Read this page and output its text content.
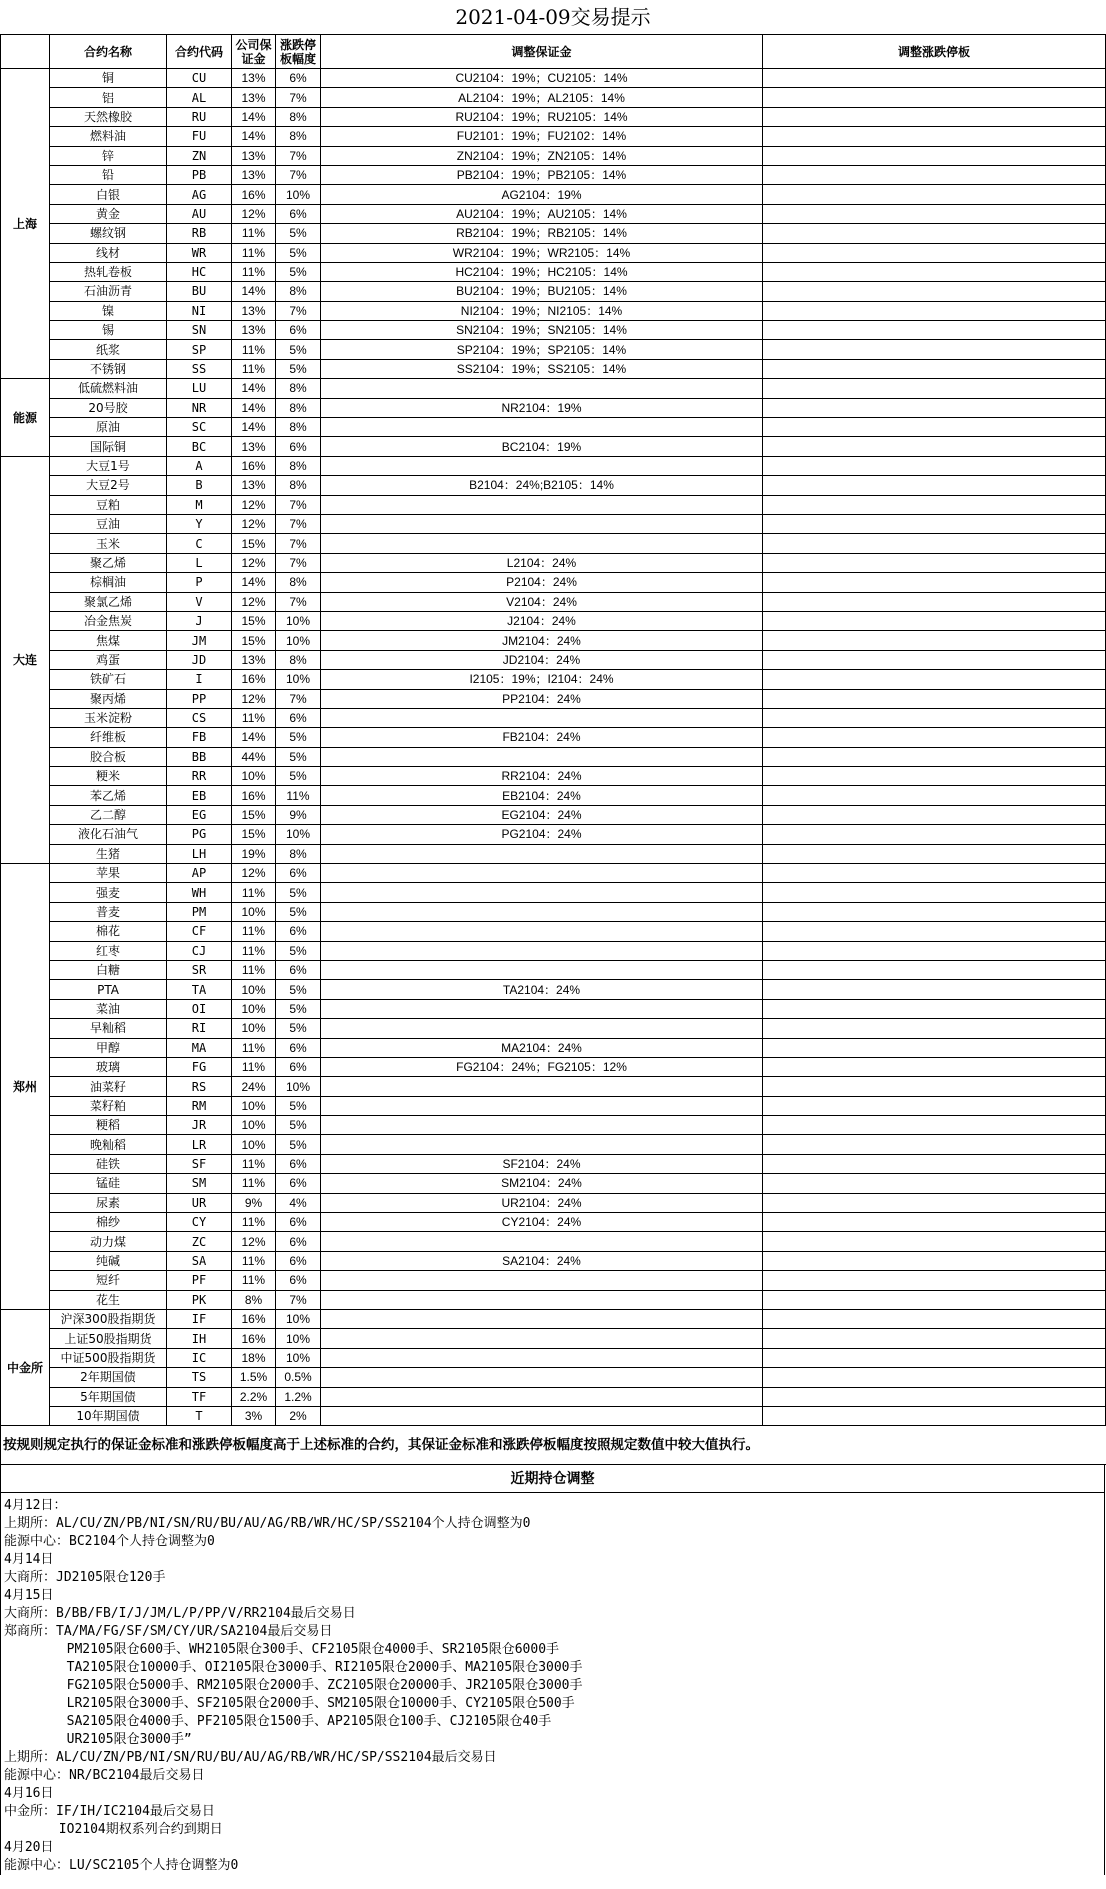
2021-04-09交易提示
	合约名称	合约代码	公司保证金	涨跌停板幅度	调整保证金	调整涨跌停板
上海	铜	CU	13%	6%	CU2104：19%；CU2105：14%	
	铝	AL	13%	7%	AL2104：19%；AL2105：14%	
	天然橡胶	RU	14%	8%	RU2104：19%；RU2105：14%	
	燃料油	FU	14%	8%	FU2101：19%；FU2102：14%	
	锌	ZN	13%	7%	ZN2104：19%；ZN2105：14%	
	铅	PB	13%	7%	PB2104：19%；PB2105：14%	
	白银	AG	16%	10%	AG2104：19%	
	黄金	AU	12%	6%	AU2104：19%；AU2105：14%	
	螺纹钢	RB	11%	5%	RB2104：19%；RB2105：14%	
	线材	WR	11%	5%	WR2104：19%；WR2105：14%	
	热轧卷板	HC	11%	5%	HC2104：19%；HC2105：14%	
	石油沥青	BU	14%	8%	BU2104：19%；BU2105：14%	
	镍	NI	13%	7%	NI2104：19%；NI2105：14%	
	锡	SN	13%	6%	SN2104：19%；SN2105：14%	
	纸浆	SP	11%	5%	SP2104：19%；SP2105：14%	
	不锈钢	SS	11%	5%	SS2104：19%；SS2105：14%	
能源	低硫燃料油	LU	14%	8%		
	20号胶	NR	14%	8%	NR2104：19%	
	原油	SC	14%	8%		
	国际铜	BC	13%	6%	BC2104：19%	
大连	大豆1号	A	16%	8%		
	大豆2号	B	13%	8%	B2104：24%;B2105：14%	
	豆粕	M	12%	7%		
	豆油	Y	12%	7%		
	玉米	C	15%	7%		
	聚乙烯	L	12%	7%	L2104：24%	
	棕榈油	P	14%	8%	P2104：24%	
	聚氯乙烯	V	12%	7%	V2104：24%	
	冶金焦炭	J	15%	10%	J2104：24%	
	焦煤	JM	15%	10%	JM2104：24%	
	鸡蛋	JD	13%	8%	JD2104：24%	
	铁矿石	I	16%	10%	I2105：19%；I2104：24%	
	聚丙烯	PP	12%	7%	PP2104：24%	
	玉米淀粉	CS	11%	6%		
	纤维板	FB	14%	5%	FB2104：24%	
	胶合板	BB	44%	5%		
	粳米	RR	10%	5%	RR2104：24%	
	苯乙烯	EB	16%	11%	EB2104：24%	
	乙二醇	EG	15%	9%	EG2104：24%	
	液化石油气	PG	15%	10%	PG2104：24%	
	生猪	LH	19%	8%		
郑州	苹果	AP	12%	6%		
	强麦	WH	11%	5%		
	普麦	PM	10%	5%		
	棉花	CF	11%	6%		
	红枣	CJ	11%	5%		
	白糖	SR	11%	6%		
	PTA	TA	10%	5%	TA2104：24%	
	菜油	OI	10%	5%		
	早籼稻	RI	10%	5%		
	甲醇	MA	11%	6%	MA2104：24%	
	玻璃	FG	11%	6%	FG2104：24%；FG2105：12%	
	油菜籽	RS	24%	10%		
	菜籽粕	RM	10%	5%		
	粳稻	JR	10%	5%		
	晚籼稻	LR	10%	5%		
	硅铁	SF	11%	6%	SF2104：24%	
	锰硅	SM	11%	6%	SM2104：24%	
	尿素	UR	9%	4%	UR2104：24%	
	棉纱	CY	11%	6%	CY2104：24%	
	动力煤	ZC	12%	6%		
	纯碱	SA	11%	6%	SA2104：24%	
	短纤	PF	11%	6%		
	花生	PK	8%	7%		
中金所	沪深300股指期货	IF	16%	10%		
	上证50股指期货	IH	16%	10%		
	中证500股指期货	IC	18%	10%		
	2年期国债	TS	1.5%	0.5%		
	5年期国债	TF	2.2%	1.2%		
	10年期国债	T	3%	2%		
按规则规定执行的保证金标准和涨跌停板幅度高于上述标准的合约，其保证金标准和涨跌停板幅度按照规定数值中较大值执行。
近期持仓调整
4月12日：
上期所：AL/CU/ZN/PB/NI/SN/RU/BU/AU/AG/RB/WR/HC/SP/SS2104个人持仓调整为0
能源中心：BC2104个人持仓调整为0
4月14日
大商所：JD2105限仓120手
4月15日
大商所：B/BB/FB/I/J/JM/L/P/PP/V/RR2104最后交易日
郑商所：TA/MA/FG/SF/SM/CY/UR/SA2104最后交易日
PM2105限仓600手、WH2105限仓300手、CF2105限仓4000手、SR2105限仓6000手
TA2105限仓10000手、OI2105限仓3000手、RI2105限仓2000手、MA2105限仓3000手
FG2105限仓5000手、RM2105限仓2000手、ZC2105限仓20000手、JR2105限仓3000手
LR2105限仓3000手、SF2105限仓2000手、SM2105限仓10000手、CY2105限仓500手
SA2105限仓4000手、PF2105限仓1500手、AP2105限仓100手、CJ2105限仓40手
UR2105限仓3000手”
上期所：AL/CU/ZN/PB/NI/SN/RU/BU/AU/AG/RB/WR/HC/SP/SS2104最后交易日
能源中心：NR/BC2104最后交易日
4月16日
中金所：IF/IH/IC2104最后交易日
IO2104期权系列合约到期日
4月20日
能源中心：LU/SC2105个人持仓调整为0
